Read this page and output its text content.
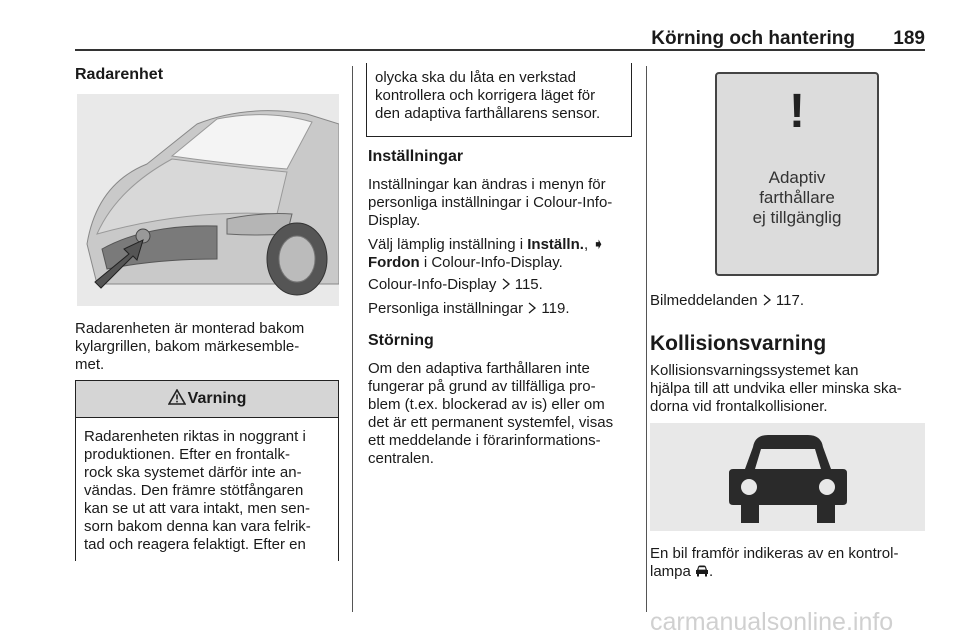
Körning och hantering 189
Radarenhet
Radarenheten är monterad bakom
kylargrillen, bakom märkesemble-
met.
Varning
Radarenheten riktas in noggrant i
produktionen. Efter en frontalk-
rock ska systemet därför inte an-
vändas. Den främre stötfångaren
kan se ut att vara intakt, men sen-
sorn bakom denna kan vara felrik-
tad och reagera felaktigt. Efter en
olycka ska du låta en verkstad
kontrollera och korrigera läget för
den adaptiva farthållarens sensor.
Inställningar
Inställningar kan ändras i menyn för
personliga inställningar i Colour-Info-
Display.
Välj lämplig inställning i Inställn., ➧
Fordon i Colour-Info-Display.
Colour-Info-Display  115.
Personliga inställningar  119.
Störning
Om den adaptiva farthållaren inte
fungerar på grund av tillfälliga pro-
blem (t.ex. blockerad av is) eller om
det är ett permanent systemfel, visas
ett meddelande i förarinformations-
centralen.
!
Adaptiv
farthållare
ej tillgänglig
Bilmeddelanden  117.
Kollisionsvarning
Kollisionsvarningssystemet kan
hjälpa till att undvika eller minska ska-
dorna vid frontalkollisioner.
En bil framför indikeras av en kontrol-
lampa .
carmanualsonline.info
